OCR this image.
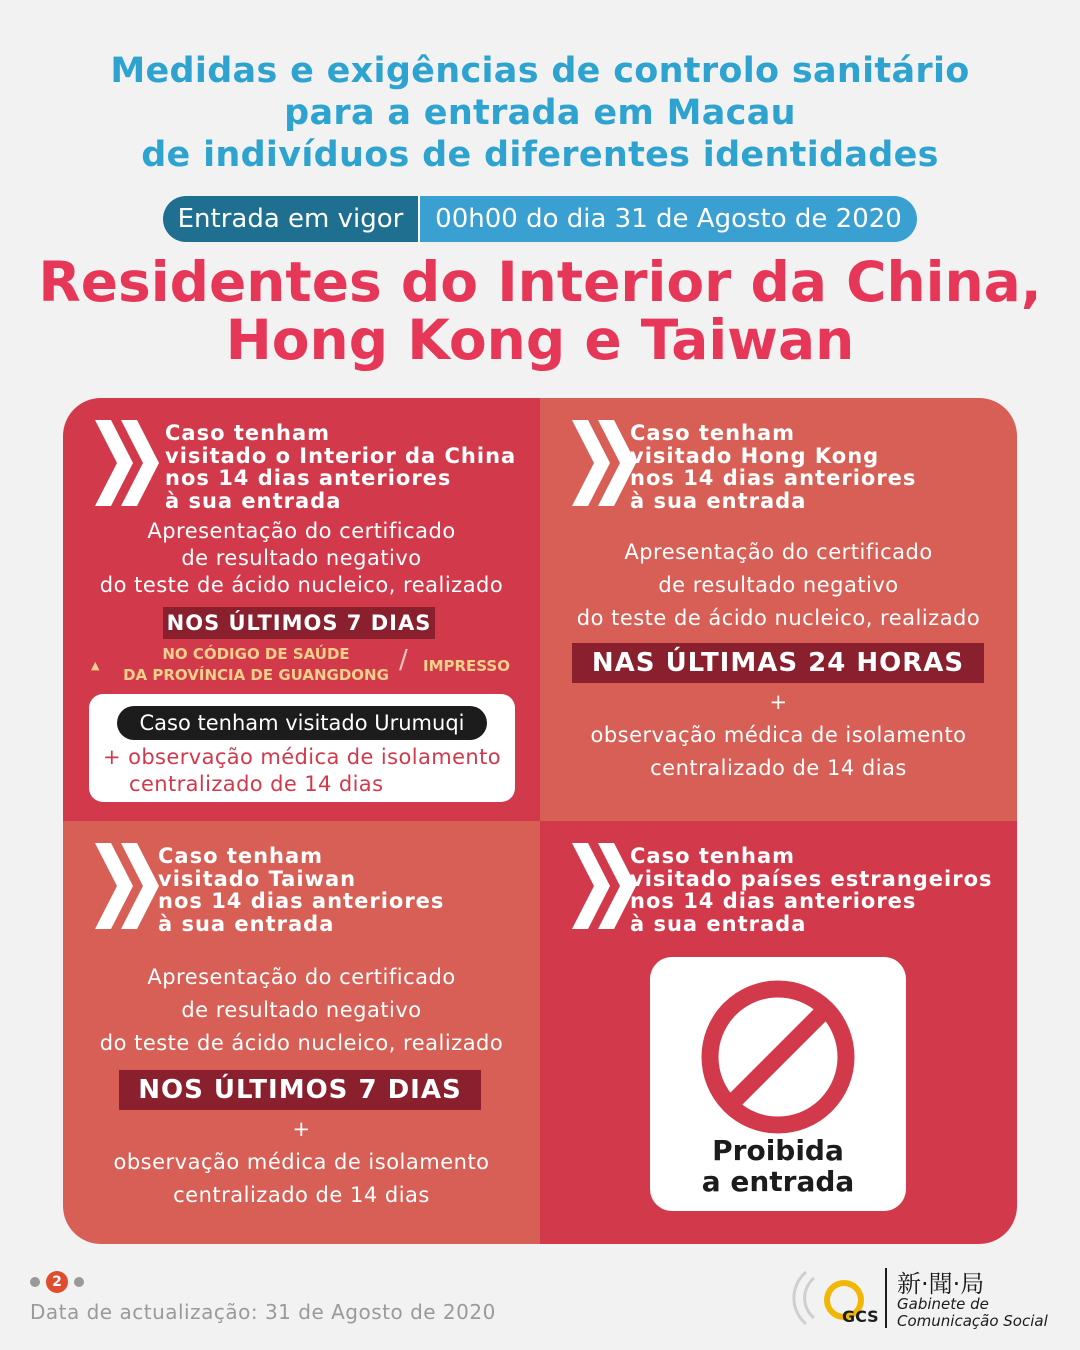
Medidas e exigências de controlo sanitário
para a entrada em Macau
de indivíduos de diferentes identidades
Entrada em vigor	00h00 do dia 31 de Agosto de 2020
Residentes do Interior da China,
Hong Kong e Taiwan
Caso tenham
visitado o Interior da China
nos 14 dias anteriores
à sua entrada
Apresentação do certificado
de resultado negativo
do teste de ácido nucleico, realizado
NOS ÚLTIMOS 7 DIAS
▲
NO CÓDIGO DE SAÚDE
DA PROVÍNCIA DE GUANGDONG / IMPRESSO
Caso tenham visitado Urumuqi
+ observação médica de isolamento
centralizado de 14 dias
Caso tenham
visitado Hong Kong
nos 14 dias anteriores
à sua entrada
Apresentação do certificado
de resultado negativo
do teste de ácido nucleico, realizado
NAS ÚLTIMAS 24 HORAS
+
observação médica de isolamento
centralizado de 14 dias
Caso tenham
visitado Taiwan
nos 14 dias anteriores
à sua entrada
Apresentação do certificado
de resultado negativo
do teste de ácido nucleico, realizado
NOS ÚLTIMOS 7 DIAS
+
observação médica de isolamento
centralizado de 14 dias
Caso tenham
visitado países estrangeiros
nos 14 dias anteriores
à sua entrada
Proibida
a entrada
2
Data de actualização: 31 de Agosto de 2020	GCS
新·聞·局
Gabinete de
Comunicação Social
